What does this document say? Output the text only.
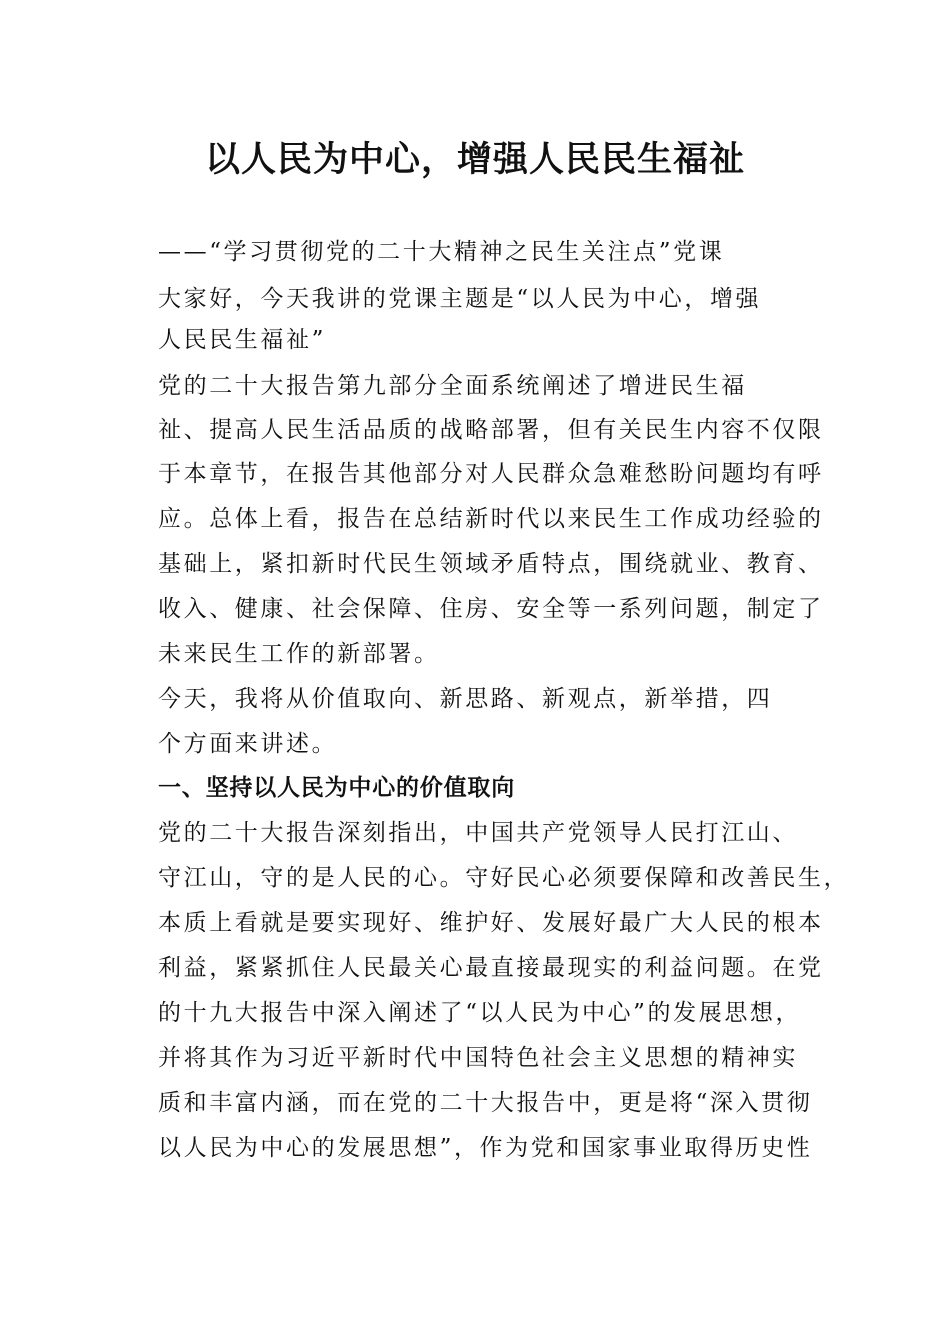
以人民为中心，增强人民民生福祉
——“学习贯彻党的二十大精神之民生关注点”党课
大家好，今天我讲的党课主题是“以人民为中心，增强
人民民生福祉”
党的二十大报告第九部分全面系统阐述了增进民生福
祉、提高人民生活品质的战略部署，但有关民生内容不仅限
于本章节，在报告其他部分对人民群众急难愁盼问题均有呼
应。总体上看，报告在总结新时代以来民生工作成功经验的
基础上，紧扣新时代民生领域矛盾特点，围绕就业、教育、
收入、健康、社会保障、住房、安全等一系列问题，制定了
未来民生工作的新部署。
今天，我将从价值取向、新思路、新观点，新举措，四
个方面来讲述。
一、坚持以人民为中心的价值取向
党的二十大报告深刻指出，中国共产党领导人民打江山、
守江山，守的是人民的心。守好民心必须要保障和改善民生，
本质上看就是要实现好、维护好、发展好最广大人民的根本
利益，紧紧抓住人民最关心最直接最现实的利益问题。在党
的十九大报告中深入阐述了“以人民为中心”的发展思想，
并将其作为习近平新时代中国特色社会主义思想的精神实
质和丰富内涵，而在党的二十大报告中，更是将“深入贯彻
以人民为中心的发展思想”，作为党和国家事业取得历史性
